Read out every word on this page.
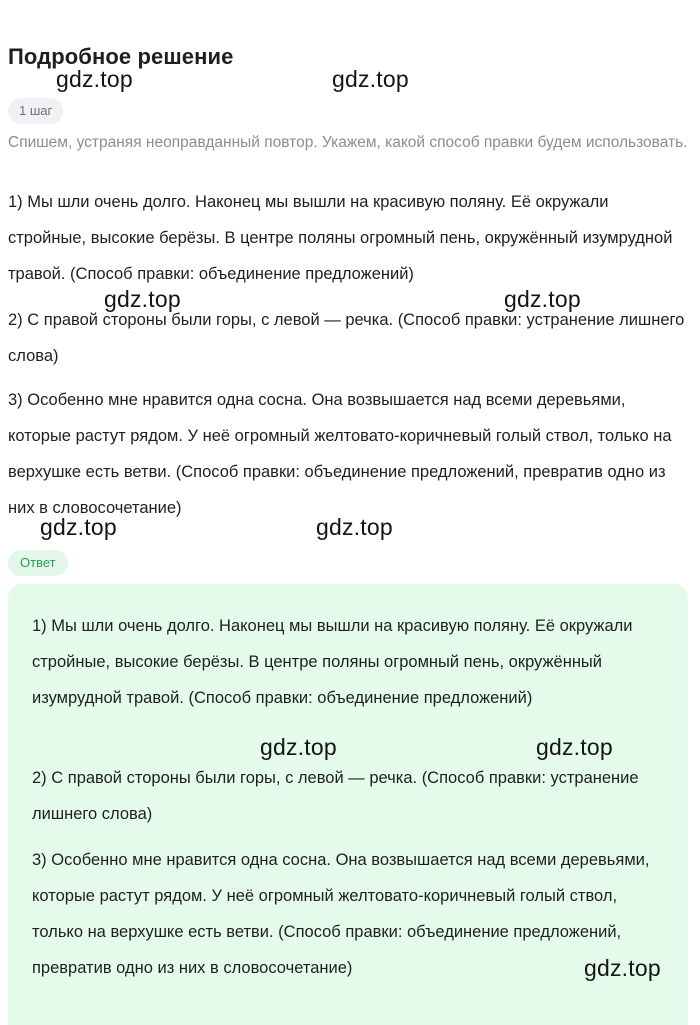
Подробное решение
1 шаг
Спишем, устраняя неоправданный повтор. Укажем, какой способ правки будем использовать.
1) Мы шли очень долго. Наконец мы вышли на красивую поляну. Её окружали стройные, высокие берёзы. В центре поляны огромный пень, окружённый изумрудной травой. (Способ правки: объединение предложений)
2) С правой стороны были горы, с левой — речка. (Способ правки: устранение лишнего слова)
3) Особенно мне нравится одна сосна. Она возвышается над всеми деревьями, которые растут рядом. У неё огромный желтовато-коричневый голый ствол, только на верхушке есть ветви. (Способ правки: объединение предложений, превратив одно из них в словосочетание)
Ответ
1) Мы шли очень долго. Наконец мы вышли на красивую поляну. Её окружали стройные, высокие берёзы. В центре поляны огромный пень, окружённый изумрудной травой. (Способ правки: объединение предложений)
2) С правой стороны были горы, с левой — речка. (Способ правки: устранение лишнего слова)
3) Особенно мне нравится одна сосна. Она возвышается над всеми деревьями, которые растут рядом. У неё огромный желтовато-коричневый голый ствол, только на верхушке есть ветви. (Способ правки: объединение предложений, превратив одно из них в словосочетание)
gdz.top	gdz.top
gdz.top	gdz.top
gdz.top	gdz.top
gdz.top	gdz.top
gdz.top
